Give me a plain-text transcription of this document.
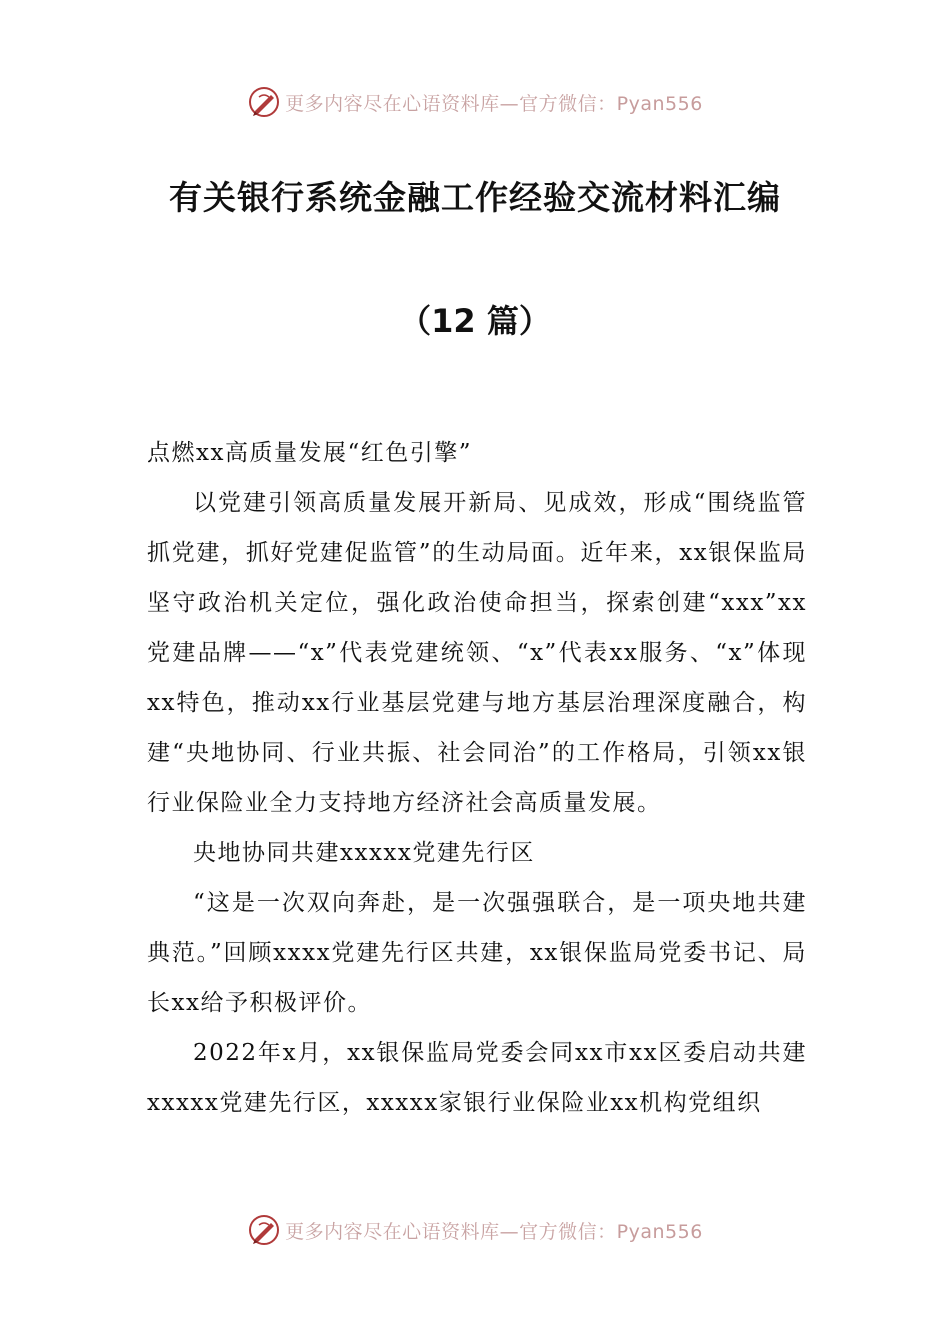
更多内容尽在心语资料库—官方微信：Pyan556
有关银行系统金融工作经验交流材料汇编
（12 篇）

点燃xx高质量发展“红色引擎”

以党建引领高质量发展开新局、见成效，形成“围绕监管抓党建，抓好党建促监管”的生动局面。近年来，xx银保监局坚守政治机关定位，强化政治使命担当，探索创建“xxx”xx党建品牌——“x”代表党建统领、“x”代表xx服务、“x”体现xx特色，推动xx行业基层党建与地方基层治理深度融合，构建“央地协同、行业共振、社会同治”的工作格局，引领xx银行业保险业全力支持地方经济社会高质量发展。

央地协同共建xxxxx党建先行区

“这是一次双向奔赴，是一次强强联合，是一项央地共建典范。”回顾xxxx党建先行区共建，xx银保监局党委书记、局长xx给予积极评价。

2022年x月，xx银保监局党委会同xx市xx区委启动共建xxxxx党建先行区，xxxxx家银行业保险业xx机构党组织

更多内容尽在心语资料库—官方微信：Pyan556
